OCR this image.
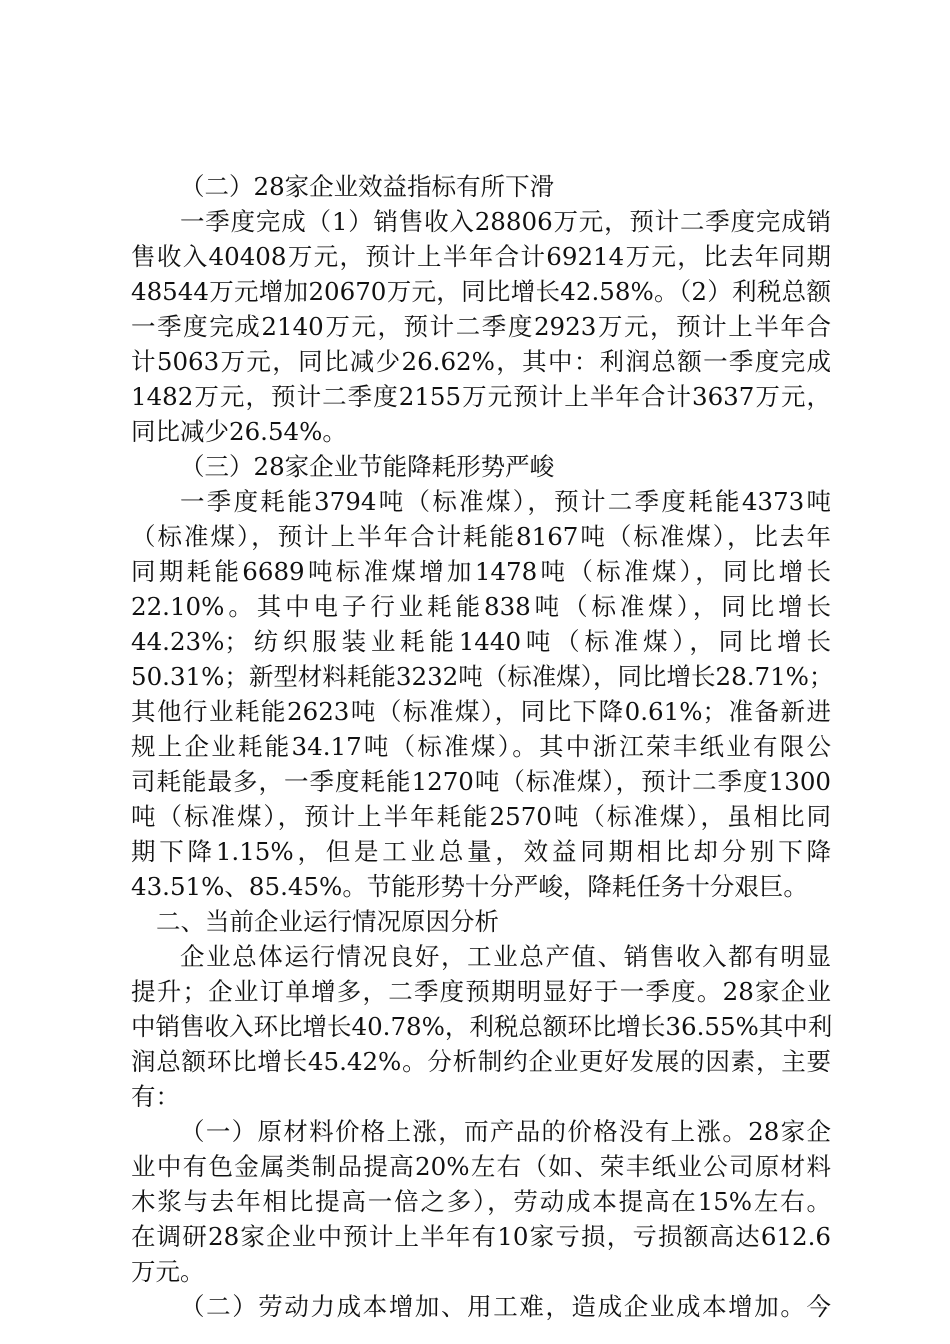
（二）28家企业效益指标有所下滑
一季度完成（1）销售收入28806万元，预计二季度完成销
售收入40408万元，预计上半年合计69214万元，比去年同期
48544万元增加20670万元，同比增长42.58%。（2）利税总额
一季度完成2140万元，预计二季度2923万元，预计上半年合
计5063万元，同比减少26.62%，其中：利润总额一季度完成
1482万元，预计二季度2155万元预计上半年合计3637万元，
同比减少26.54%。
（三）28家企业节能降耗形势严峻
一季度耗能3794吨（标准煤），预计二季度耗能4373吨
（标准煤），预计上半年合计耗能8167吨（标准煤），比去年
同期耗能6689吨标准煤增加1478吨（标准煤），同比增长
22.10%。其中电子行业耗能838吨（标准煤），同比增长
44.23%；纺织服装业耗能1440吨（标准煤），同比增长
50.31%；新型材料耗能3232吨（标准煤），同比增长28.71%；
其他行业耗能2623吨（标准煤），同比下降0.61%；准备新进
规上企业耗能34.17吨（标准煤）。其中浙江荣丰纸业有限公
司耗能最多，一季度耗能1270吨（标准煤），预计二季度1300
吨（标准煤），预计上半年耗能2570吨（标准煤），虽相比同
期下降1.15%，但是工业总量，效益同期相比却分别下降
43.51%、85.45%。节能形势十分严峻，降耗任务十分艰巨。
二、当前企业运行情况原因分析
企业总体运行情况良好，工业总产值、销售收入都有明显
提升；企业订单增多，二季度预期明显好于一季度。28家企业
中销售收入环比增长40.78%，利税总额环比增长36.55%其中利
润总额环比增长45.42%。分析制约企业更好发展的因素，主要
有：
（一）原材料价格上涨，而产品的价格没有上涨。28家企
业中有色金属类制品提高20%左右（如、荣丰纸业公司原材料
木浆与去年相比提高一倍之多），劳动成本提高在15%左右。
在调研28家企业中预计上半年有10家亏损，亏损额高达612.6
万元。
（二）劳动力成本增加、用工难，造成企业成本增加。今
